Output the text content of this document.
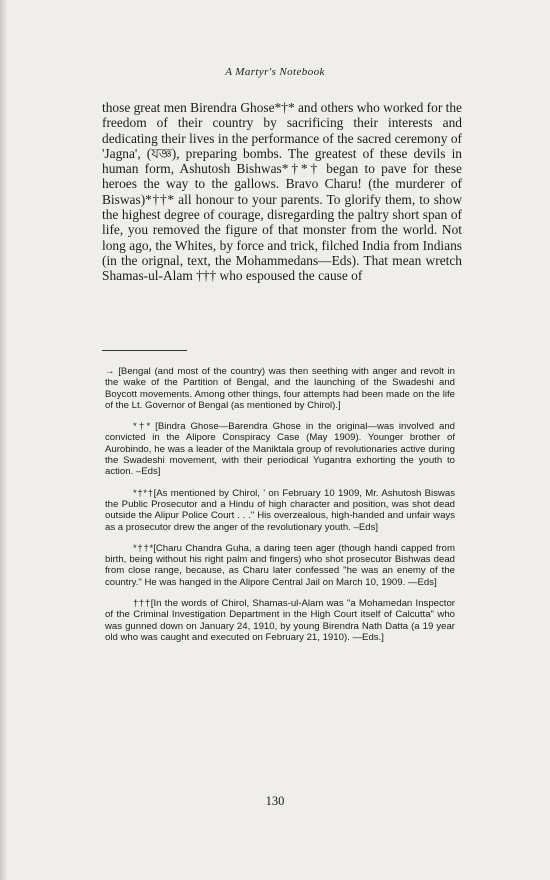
A Martyr's Notebook

those great men Birendra Ghose*†* and others who worked for the freedom of their country by sacrificing their interests and dedicating their lives in the performance of the sacred ceremony of 'Jagna', (যজ্ঞ), preparing bombs. The greatest of these devils in human form, Ashutosh Bishwas*†*† began to pave for these heroes the way to the gallows. Bravo Charu! (the murderer of Biswas)*††* all honour to your parents. To glorify them, to show the highest degree of courage, disregarding the paltry short span of life, you removed the figure of that monster from the world. Not long ago, the Whites, by force and trick, filched India from Indians (in the orignal, text, the Mohammedans—Eds). That mean wretch Shamas-ul-Alam ††† who espoused the cause of

→ [Bengal (and most of the country) was then seething with anger and revolt in the wake of the Partition of Bengal, and the launching of the Swadeshi and Boycott movements. Among other things, four attempts had been made on the life of the Lt. Governor of Bengal (as mentioned by Chirol).]

*†* [Bindra Ghose—Barendra Ghose in the original—was involved and convicted in the Alipore Conspiracy Case (May 1909). Younger brother of Aurobindo, he was a leader of the Maniktala group of revolutionaries active during the Swadeshi movement, with their periodical Yugantra exhorting the youth to action. –Eds]

*†*†[As mentioned by Chirol, ' on February 10 1909, Mr. Ashutosh Biswas the Public Prosecutor and a Hindu of high character and position, was shot dead outside the Alipur Police Court . . ." His overzealous, high-handed and unfair ways as a prosecutor drew the anger of the revolutionary youth. –Eds]

*††*[Charu Chandra Guha, a daring teen ager (though handi capped from birth, being without his right palm and fingers) who shot prosecutor Bishwas dead from close range, because, as Charu later confessed "he was an enemy of the country." He was hanged in the Alipore Central Jail on March 10, 1909. —Eds]

†††[In the words of Chirol, Shamas-ul-Alam was "a Mohamedan Inspector of the Criminal Investigation Department in the High Court itself of Calcutta" who was gunned down on January 24, 1910, by young Birendra Nath Datta (a 19 year old who was caught and executed on February 21, 1910). —Eds.]

130
